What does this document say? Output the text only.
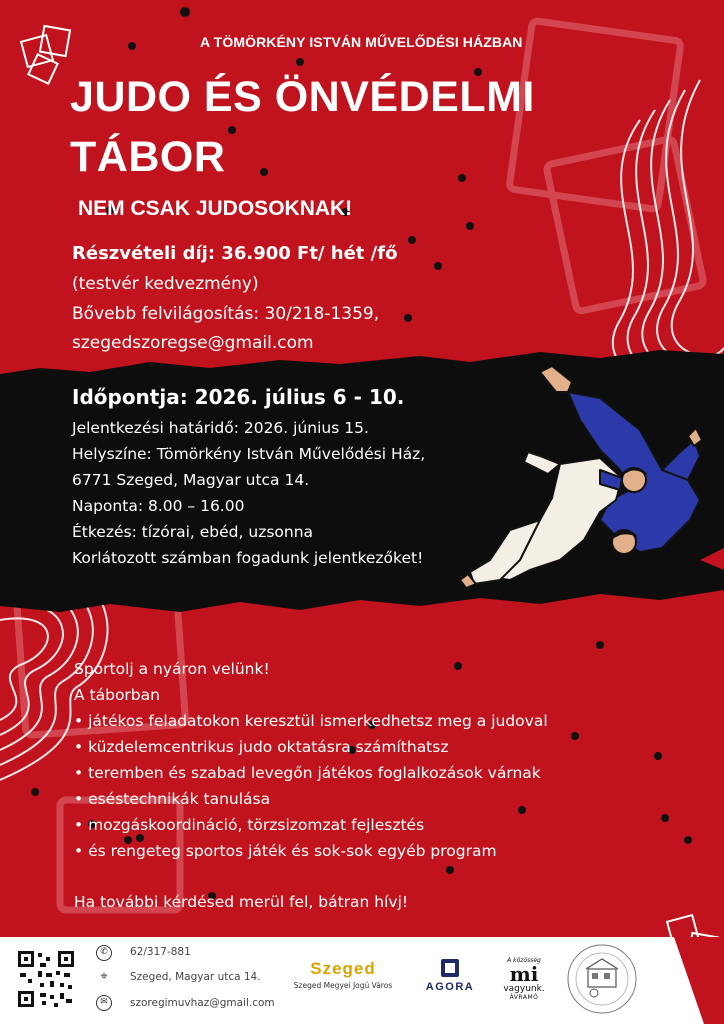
A TÖMÖRKÉNY ISTVÁN MŰVELŐDÉSI HÁZBAN

JUDO ÉS ÖNVÉDELMI

TÁBOR

NEM CSAK JUDOSOKNAK!

Részvételi díj: 36.900 Ft/ hét /fő

(testvér kedvezmény)

Bővebb felvilágosítás: 30/218-1359,

szegedszoregse@gmail.com

Időpontja: 2026. július 6 - 10.

Jelentkezési határidő: 2026. június 15.

Helyszíne: Tömörkény István Művelődési Ház,

6771 Szeged, Magyar utca 14.

Naponta: 8.00 – 16.00

Étkezés: tízórai, ebéd, uzsonna

Korlátozott számban fogadunk jelentkezőket!

Sportolj a nyáron velünk!

A táborban

• játékos feladatokon keresztül ismerkedhetsz meg a judoval

• küzdelemcentrikus judo oktatásra számíthatsz

• teremben és szabad levegőn játékos foglalkozások várnak

• eséstechnikák tanulása

• mozgáskoordináció, törzsizomzat fejlesztés

• és rengeteg sportos játék és sok-sok egyéb program

Ha további kérdésed merül fel, bátran hívj!

✆	62/317-881
⌖	Szeged, Magyar utca 14.
✉	szoregimuvhaz@gmail.com
Szeged
Szeged Megyei Jogú Város	AGORA
A közösség
mi
vagyunk.
ÁVRAMÓ
